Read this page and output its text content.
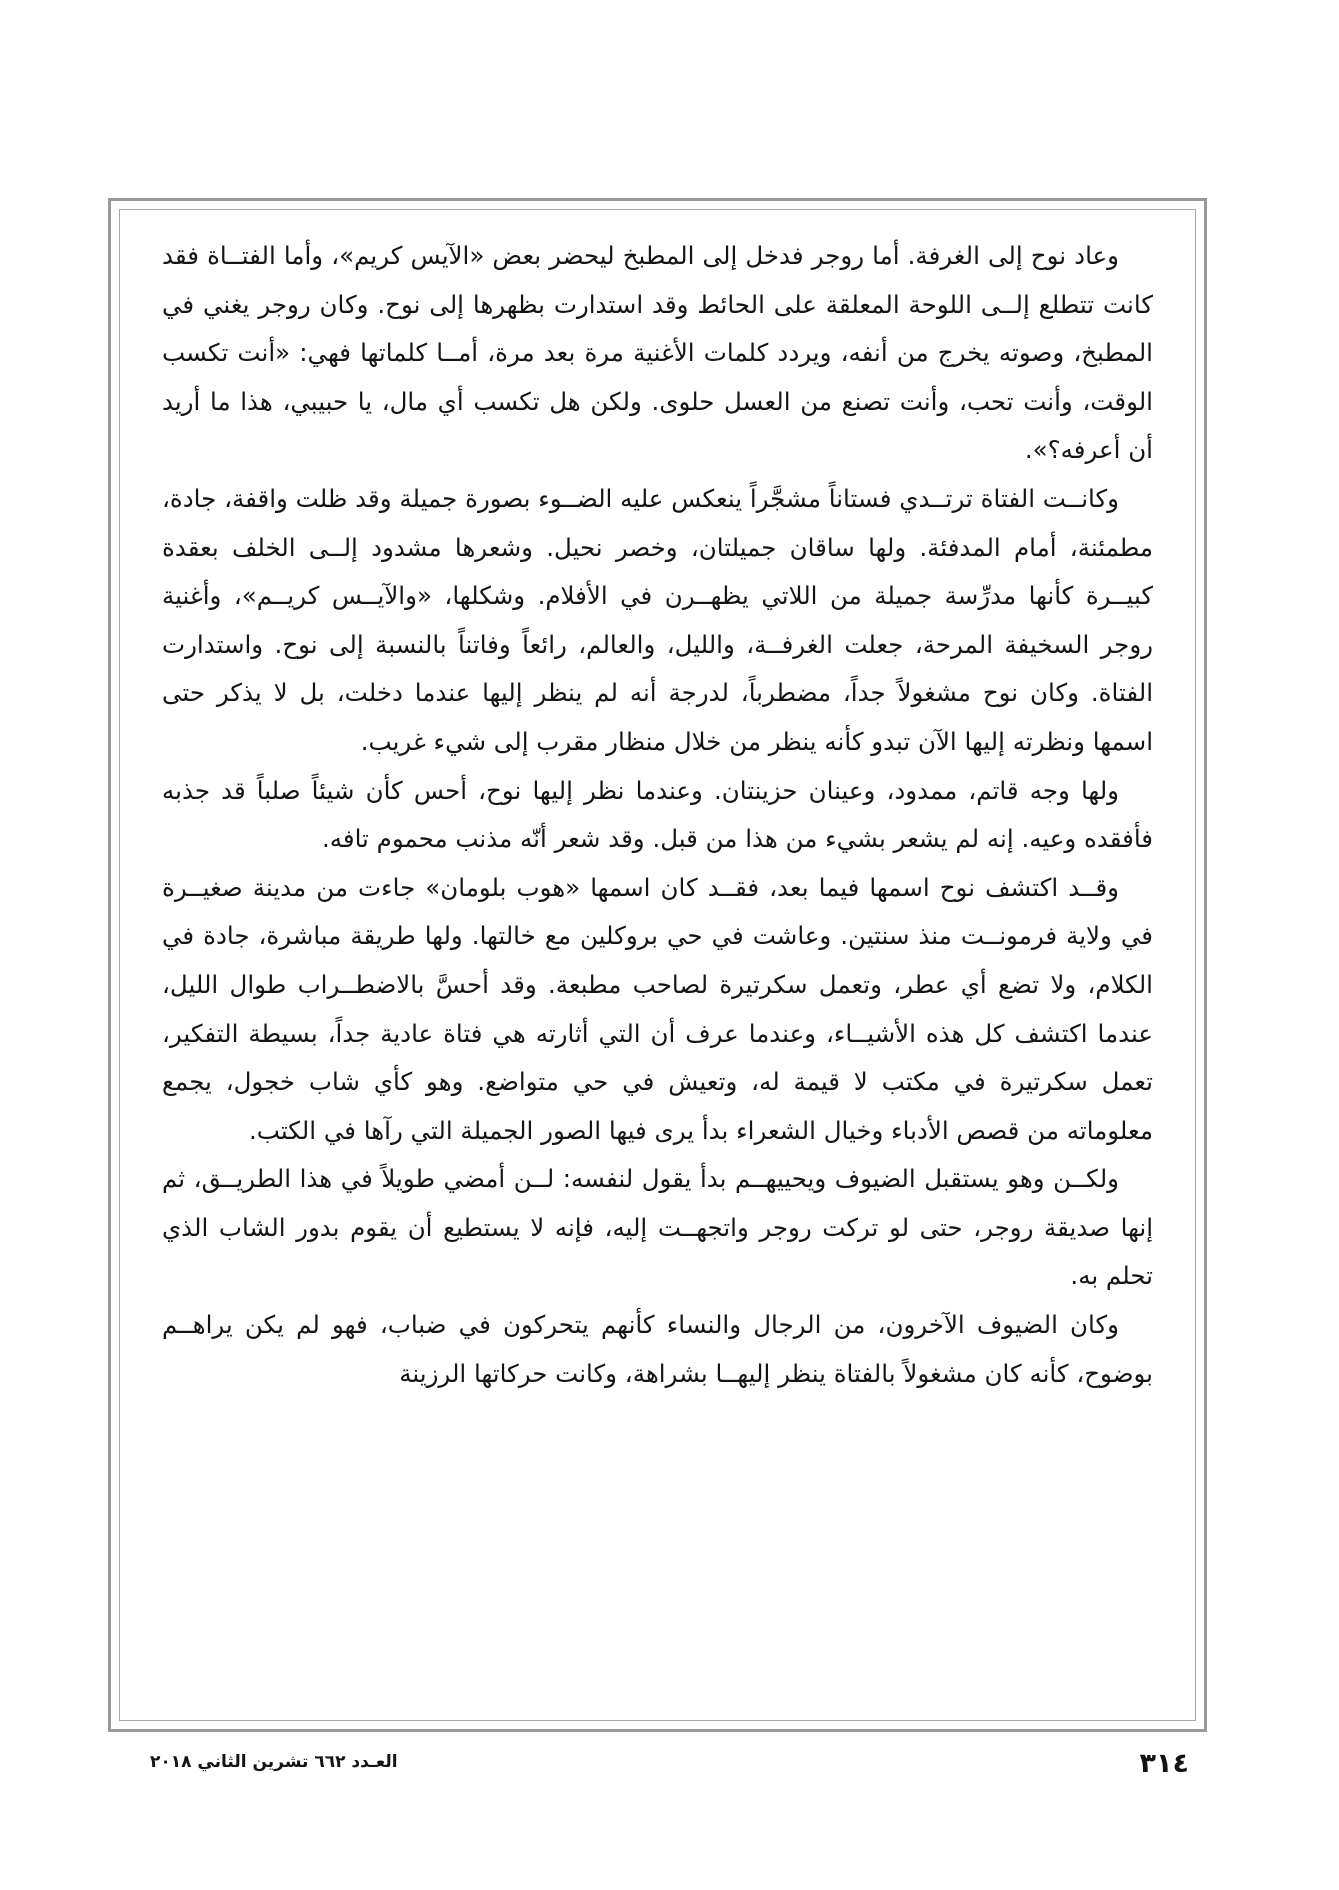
وعاد نوح إلى الغرفة. أما روجر فدخل إلى المطبخ ليحضر بعض «الآيس كريم»، وأما الفتــاة فقد كانت تتطلع إلــى اللوحة المعلقة على الحائط وقد استدارت بظهرها إلى نوح. وكان روجر يغني في المطبخ، وصوته يخرج من أنفه، ويردد كلمات الأغنية مرة بعد مرة، أمــا كلماتها فهي: «أنت تكسب الوقت، وأنت تحب، وأنت تصنع من العسل حلوى. ولكن هل تكسب أي مال، يا حبيبي، هذا ما أريد أن أعرفه؟».

وكانــت الفتاة ترتــدي فستاناً مشجَّراً ينعكس عليه الضــوء بصورة جميلة وقد ظلت واقفة، جادة، مطمئنة، أمام المدفئة. ولها ساقان جميلتان، وخصر نحيل. وشعرها مشدود إلــى الخلف بعقدة كبيــرة كأنها مدرِّسة جميلة من اللاتي يظهــرن في الأفلام. وشكلها، «والآيــس كريــم»، وأغنية روجر السخيفة المرحة، جعلت الغرفــة، والليل، والعالم، رائعاً وفاتناً بالنسبة إلى نوح. واستدارت الفتاة. وكان نوح مشغولاً جداً، مضطرباً، لدرجة أنه لم ينظر إليها عندما دخلت، بل لا يذكر حتى اسمها ونظرته إليها الآن تبدو كأنه ينظر من خلال منظار مقرب إلى شيء غريب.

ولها وجه قاتم، ممدود، وعينان حزينتان. وعندما نظر إليها نوح، أحس كأن شيئاً صلباً قد جذبه فأفقده وعيه. إنه لم يشعر بشيء من هذا من قبل. وقد شعر أنّه مذنب محموم تافه.

وقــد اكتشف نوح اسمها فيما بعد، فقــد كان اسمها «هوب بلومان» جاءت من مدينة صغيــرة في ولاية فرمونــت منذ سنتين. وعاشت في حي بروكلين مع خالتها. ولها طريقة مباشرة، جادة في الكلام، ولا تضع أي عطر، وتعمل سكرتيرة لصاحب مطبعة. وقد أحسَّ بالاضطــراب طوال الليل، عندما اكتشف كل هذه الأشيــاء، وعندما عرف أن التي أثارته هي فتاة عادية جداً، بسيطة التفكير، تعمل سكرتيرة في مكتب لا قيمة له، وتعيش في حي متواضع. وهو كأي شاب خجول، يجمع معلوماته من قصص الأدباء وخيال الشعراء بدأ يرى فيها الصور الجميلة التي رآها في الكتب.

ولكــن وهو يستقبل الضيوف ويحييهــم بدأ يقول لنفسه: لــن أمضي طويلاً في هذا الطريــق، ثم إنها صديقة روجر، حتى لو تركت روجر واتجهــت إليه، فإنه لا يستطيع أن يقوم بدور الشاب الذي تحلم به.

وكان الضيوف الآخرون، من الرجال والنساء كأنهم يتحركون في ضباب، فهو لم يكن يراهــم بوضوح، كأنه كان مشغولاً بالفتاة ينظر إليهــا بشراهة، وكانت حركاتها الرزينة

٣١٤
العـدد ٦٦٢ تشرين الثاني ٢٠١٨
